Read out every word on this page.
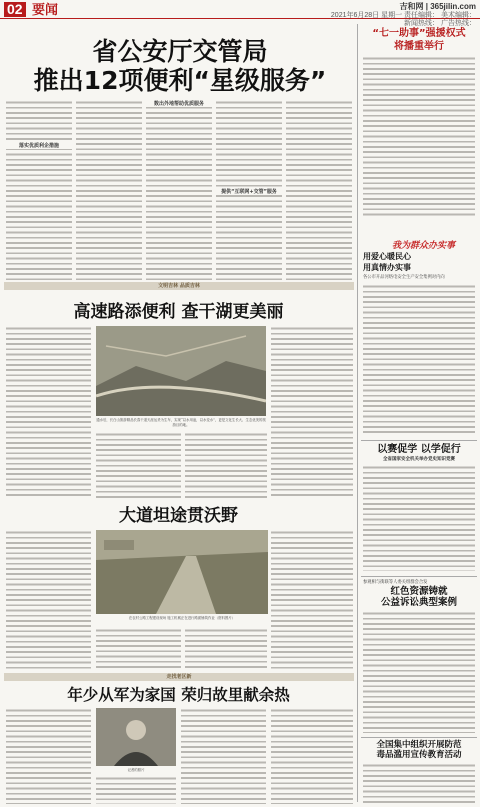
02 要闻	吉和网 | 365jilin.com
2021年6月28日 星期一 责任编辑： 美术编辑：
新闻热线： 广告热线：
省公安厅交管局
推出12项便利“星级服务”
落实优质利企措施
数出外地帮助优质服务
提供“互联网+交管”服务
“七一助事”强援权式
将播重举行
我为群众办实事
用爱心暖民心
用真情办实事
各公市开品河络电安全生产安全集例对内向
以赛促学 以学促行
全省国家安全机关举办党史知识竞赛
参观相与街联等人委关组群会合发
红色资源铸就
公益诉讼典型案例
全国集中组织开展防范
毒品滥用宣传教育活动
文明吉林 品质吉林
高速路添便利 查干湖更美丽
通水后，长白山旅游精品长春干道天涯运货为生车，实现“以水用途，以水变水”，更是文化生长大、生态优美的旅游目的地。
大道坦途贯沃野
在农村公路工程建设现场 施工机械正在进行路面铺筑作业（资料图片）
走找老区新
年少从军为家国 荣归故里献余热
记者的照片
